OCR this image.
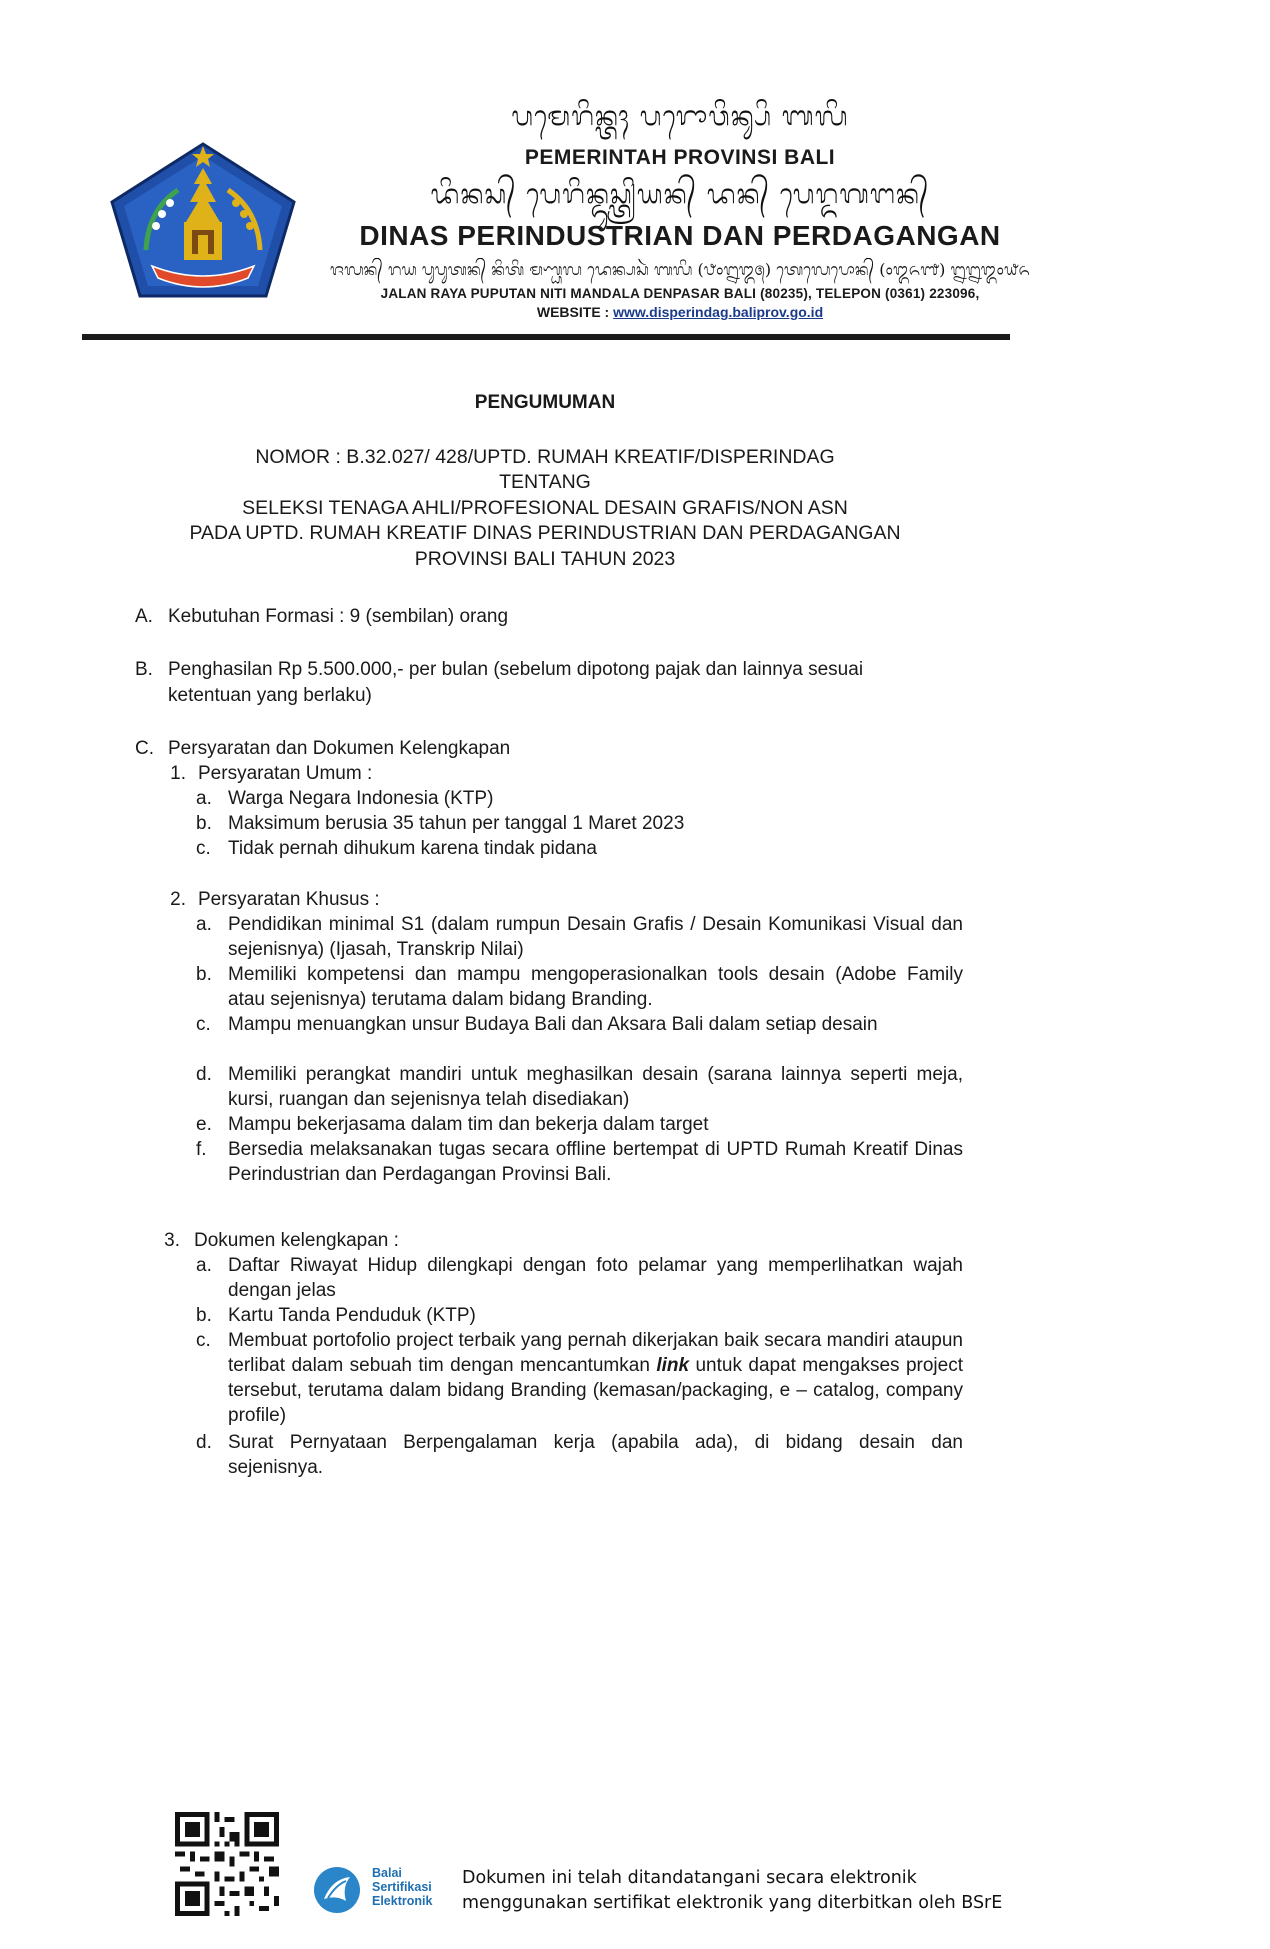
ᬧᬫᬾᬭᬶᬦ᭄ᬢᬄ ᬧᬭᭀᬯᬶᬦ᭄ᬲᬶ ᬩᬮᬶ
PEMERINTAH PROVINSI BALI
ᬤᬶᬦᬲ᭄ ᬧᬾᬭᬶᬦ᭄ᬤᬸᬲ᭄ᬢ᭄ᬭᬶᬬᬦ᭄ ᬤᬦ᭄ ᬧᬾᬭ᭄ᬤᬕᬗᬦ᭄
DINAS PERINDUSTRIAN DAN PERDAGANGAN
ᬚᬮᬦ᭄ ᬭᬬ ᬧᬸᬧᬸᬢᬦ᭄ ᬦᬶᬢᬶ ᬫᬡ᭄ᬟᬮ ᬤᬾᬦ᭄ᬧᬲᬃ ᬩᬮᬶ (᭘᭐᭒᭓᭕) ᬢᬾᬮᬾᬧᭀᬦ᭄ (᭐᭓᭖᭑) ᭒᭒᭓᭐᭙᭖
JALAN RAYA PUPUTAN NITI MANDALA DENPASAR BALI (80235), TELEPON (0361) 223096,
WEBSITE : www.disperindag.baliprov.go.id
PENGUMUMAN
NOMOR : B.32.027/ 428/UPTD. RUMAH KREATIF/DISPERINDAG
TENTANG
SELEKSI TENAGA AHLI/PROFESIONAL DESAIN GRAFIS/NON ASN
PADA UPTD. RUMAH KREATIF DINAS PERINDUSTRIAN DAN PERDAGANGAN
PROVINSI BALI TAHUN 2023
A. Kebutuhan Formasi : 9 (sembilan) orang
B. Penghasilan Rp 5.500.000,- per bulan (sebelum dipotong pajak dan lainnya sesuai
ketentuan yang berlaku)
C. Persyaratan dan Dokumen Kelengkapan
1. Persyaratan Umum :
a. Warga Negara Indonesia (KTP)
b. Maksimum berusia 35 tahun per tanggal 1 Maret 2023
c. Tidak pernah dihukum karena tindak pidana
2. Persyaratan Khusus :
a. Pendidikan minimal S1 (dalam rumpun Desain Grafis / Desain Komunikasi Visual dan sejenisnya) (Ijasah, Transkrip Nilai)
b. Memiliki kompetensi dan mampu mengoperasionalkan tools desain (Adobe Family atau sejenisnya) terutama dalam bidang Branding.
c. Mampu menuangkan unsur Budaya Bali dan Aksara Bali dalam setiap desain
d. Memiliki perangkat mandiri untuk meghasilkan desain (sarana lainnya seperti meja, kursi, ruangan dan sejenisnya telah disediakan)
e. Mampu bekerjasama dalam tim dan bekerja dalam target
f.	Bersedia melaksanakan tugas secara offline bertempat di UPTD Rumah Kreatif Dinas Perindustrian dan Perdagangan Provinsi Bali.
3. Dokumen kelengkapan :
a. Daftar Riwayat Hidup dilengkapi dengan foto pelamar yang memperlihatkan wajah dengan jelas
b. Kartu Tanda Penduduk (KTP)
c. Membuat portofolio project terbaik yang pernah dikerjakan baik secara mandiri ataupun terlibat dalam sebuah tim dengan mencantumkan link untuk dapat mengakses project tersebut, terutama dalam bidang Branding (kemasan/packaging, e – catalog, company profile)
d. Surat Pernyataan Berpengalaman kerja (apabila ada), di bidang desain dan sejenisnya.
Balai
Sertifikasi
Elektronik
Dokumen ini telah ditandatangani secara elektronik
menggunakan sertifikat elektronik yang diterbitkan oleh BSrE
